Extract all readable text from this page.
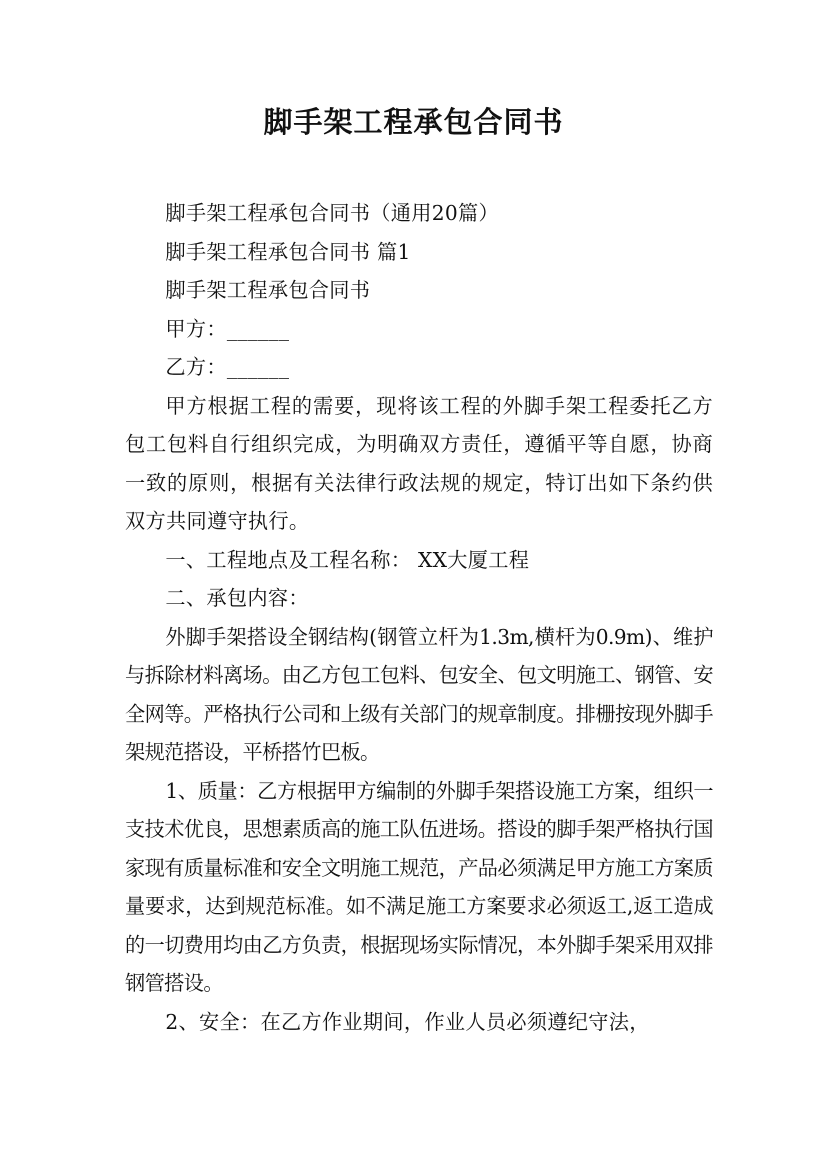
脚手架工程承包合同书

脚手架工程承包合同书（通用20篇）

脚手架工程承包合同书 篇1

脚手架工程承包合同书

甲方：______

乙方：______

甲方根据工程的需要，现将该工程的外脚手架工程委托乙方包工包料自行组织完成，为明确双方责任，遵循平等自愿，协商一致的原则，根据有关法律行政法规的规定，特订出如下条约供双方共同遵守执行。

一、工程地点及工程名称： XX大厦工程

二、承包内容：

外脚手架搭设全钢结构(钢管立杆为1.3m,横杆为0.9m)、维护与拆除材料离场。由乙方包工包料、包安全、包文明施工、钢管、安全网等。严格执行公司和上级有关部门的规章制度。排栅按现外脚手架规范搭设，平桥搭竹巴板。

1、质量：乙方根据甲方编制的外脚手架搭设施工方案，组织一支技术优良，思想素质高的施工队伍进场。搭设的脚手架严格执行国家现有质量标准和安全文明施工规范，产品必须满足甲方施工方案质量要求，达到规范标准。如不满足施工方案要求必须返工,返工造成的一切费用均由乙方负责，根据现场实际情况，本外脚手架采用双排钢管搭设。

2、安全：在乙方作业期间，作业人员必须遵纪守法，
